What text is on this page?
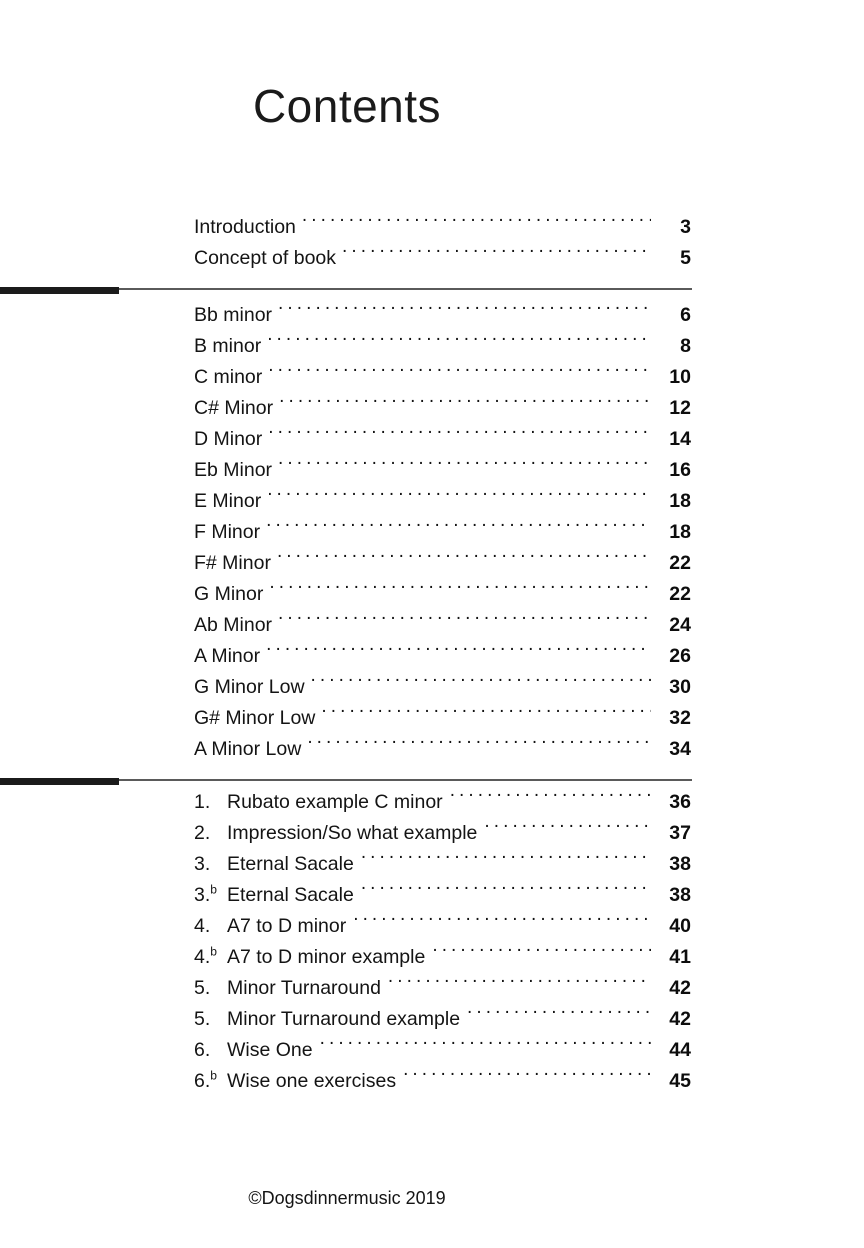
Contents
Introduction . . .	3
Concept of book . . .	5
Bb minor . . .	6
B minor . . .	8
C minor . . .	10
C# Minor . . .	12
D Minor . . .	14
Eb Minor . . .	16
E Minor . . .	18
F Minor . . .	18
F# Minor . . .	22
G Minor . . .	22
Ab Minor . . .	24
A Minor . . .	26
G Minor Low . . .	30
G# Minor Low . . .	32
A Minor Low . . .	34
1. Rubato example C minor . . .	36
2. Impression/So what example . . .	37
3. Eternal Sacale . . .	38
3.$^b$ Eternal Sacale . . .	38
4. A7 to D minor . . .	40
4.$^b$ A7 to D minor example . . .	41
5. Minor Turnaround . . .	42
5. Minor Turnaround example . . .	42
6. Wise One . . .	44
6.$^b$ Wise one exercises . . .	45
©Dogsdinnermusic 2019
